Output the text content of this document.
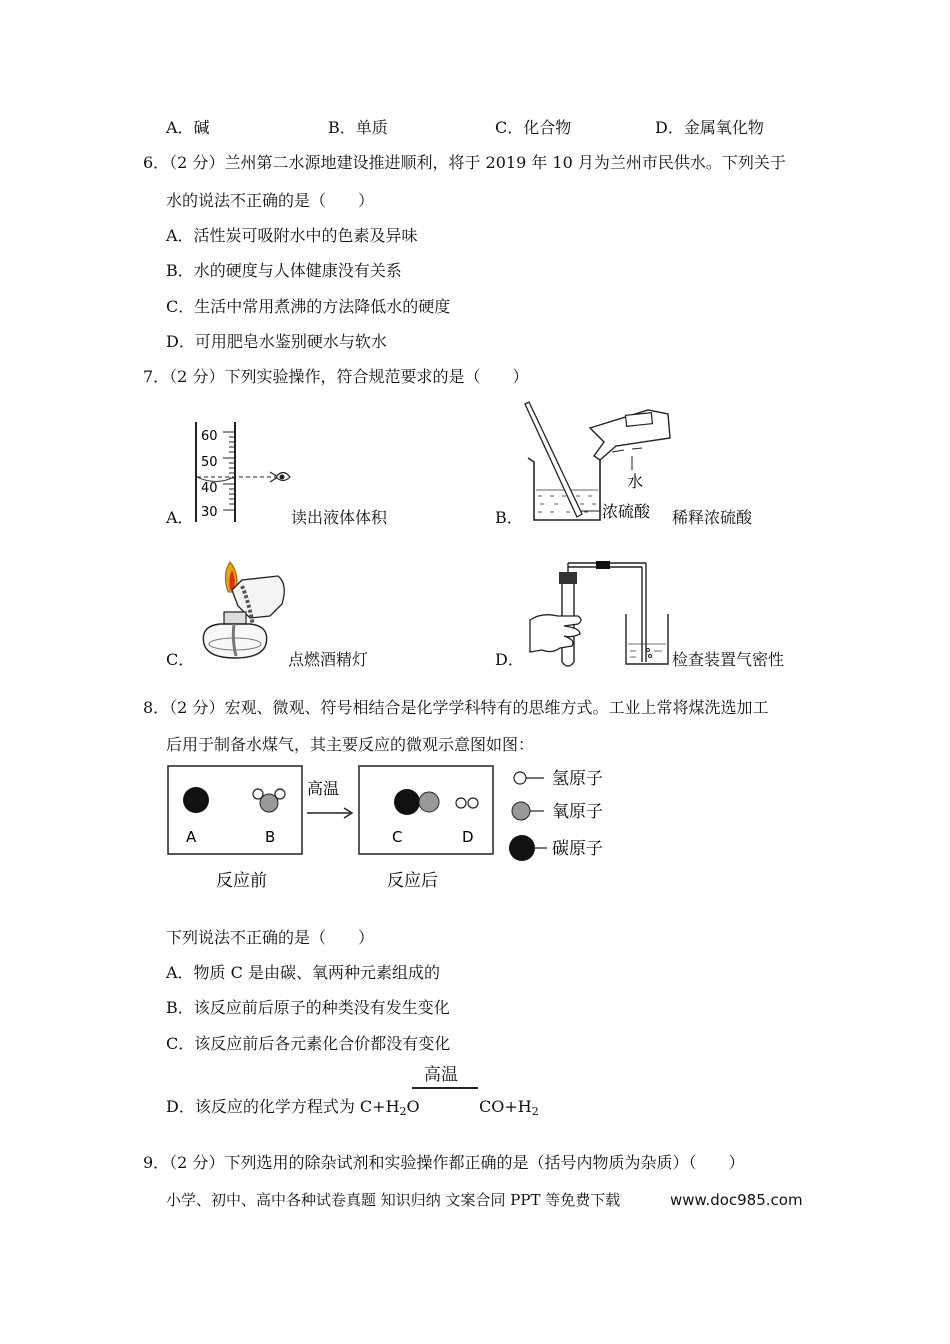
A．碱	B．单质	C．化合物	D．金属氧化物
6．（2 分）兰州第二水源地建设推进顺利，将于 2019 年 10 月为兰州市民供水。下列关于
水的说法不正确的是（　　）
A．活性炭可吸附水中的色素及异味
B．水的硬度与人体健康没有关系
C．生活中常用煮沸的方法降低水的硬度
D．可用肥皂水鉴别硬水与软水
7．（2 分）下列实验操作，符合规范要求的是（　　）
A．
60
50
40
30	读出液体体积	B．
水
浓硫酸 稀释浓硫酸
C．	点燃酒精灯	D．	检查装置气密性
8．（2 分）宏观、微观、符号相结合是化学学科特有的思维方式。工业上常将煤洗选加工
后用于制备水煤气，其主要反应的微观示意图如图：
A	B
高温
C	D
反应前	反应后
氢原子
氧原子
碳原子
下列说法不正确的是（　　）
A．物质 C 是由碳、氧两种元素组成的
B．该反应前后原子的种类没有发生变化
C．该反应前后各元素化合价都没有变化
高温
D．该反应的化学方程式为 $C+H_2O$	$CO+H_2$
9．（2 分）下列选用的除杂试剂和实验操作都正确的是（括号内物质为杂质）（　　）
小学、初中、高中各种试卷真题 知识归纳 文案合同 PPT 等免费下载	www.doc985.com
